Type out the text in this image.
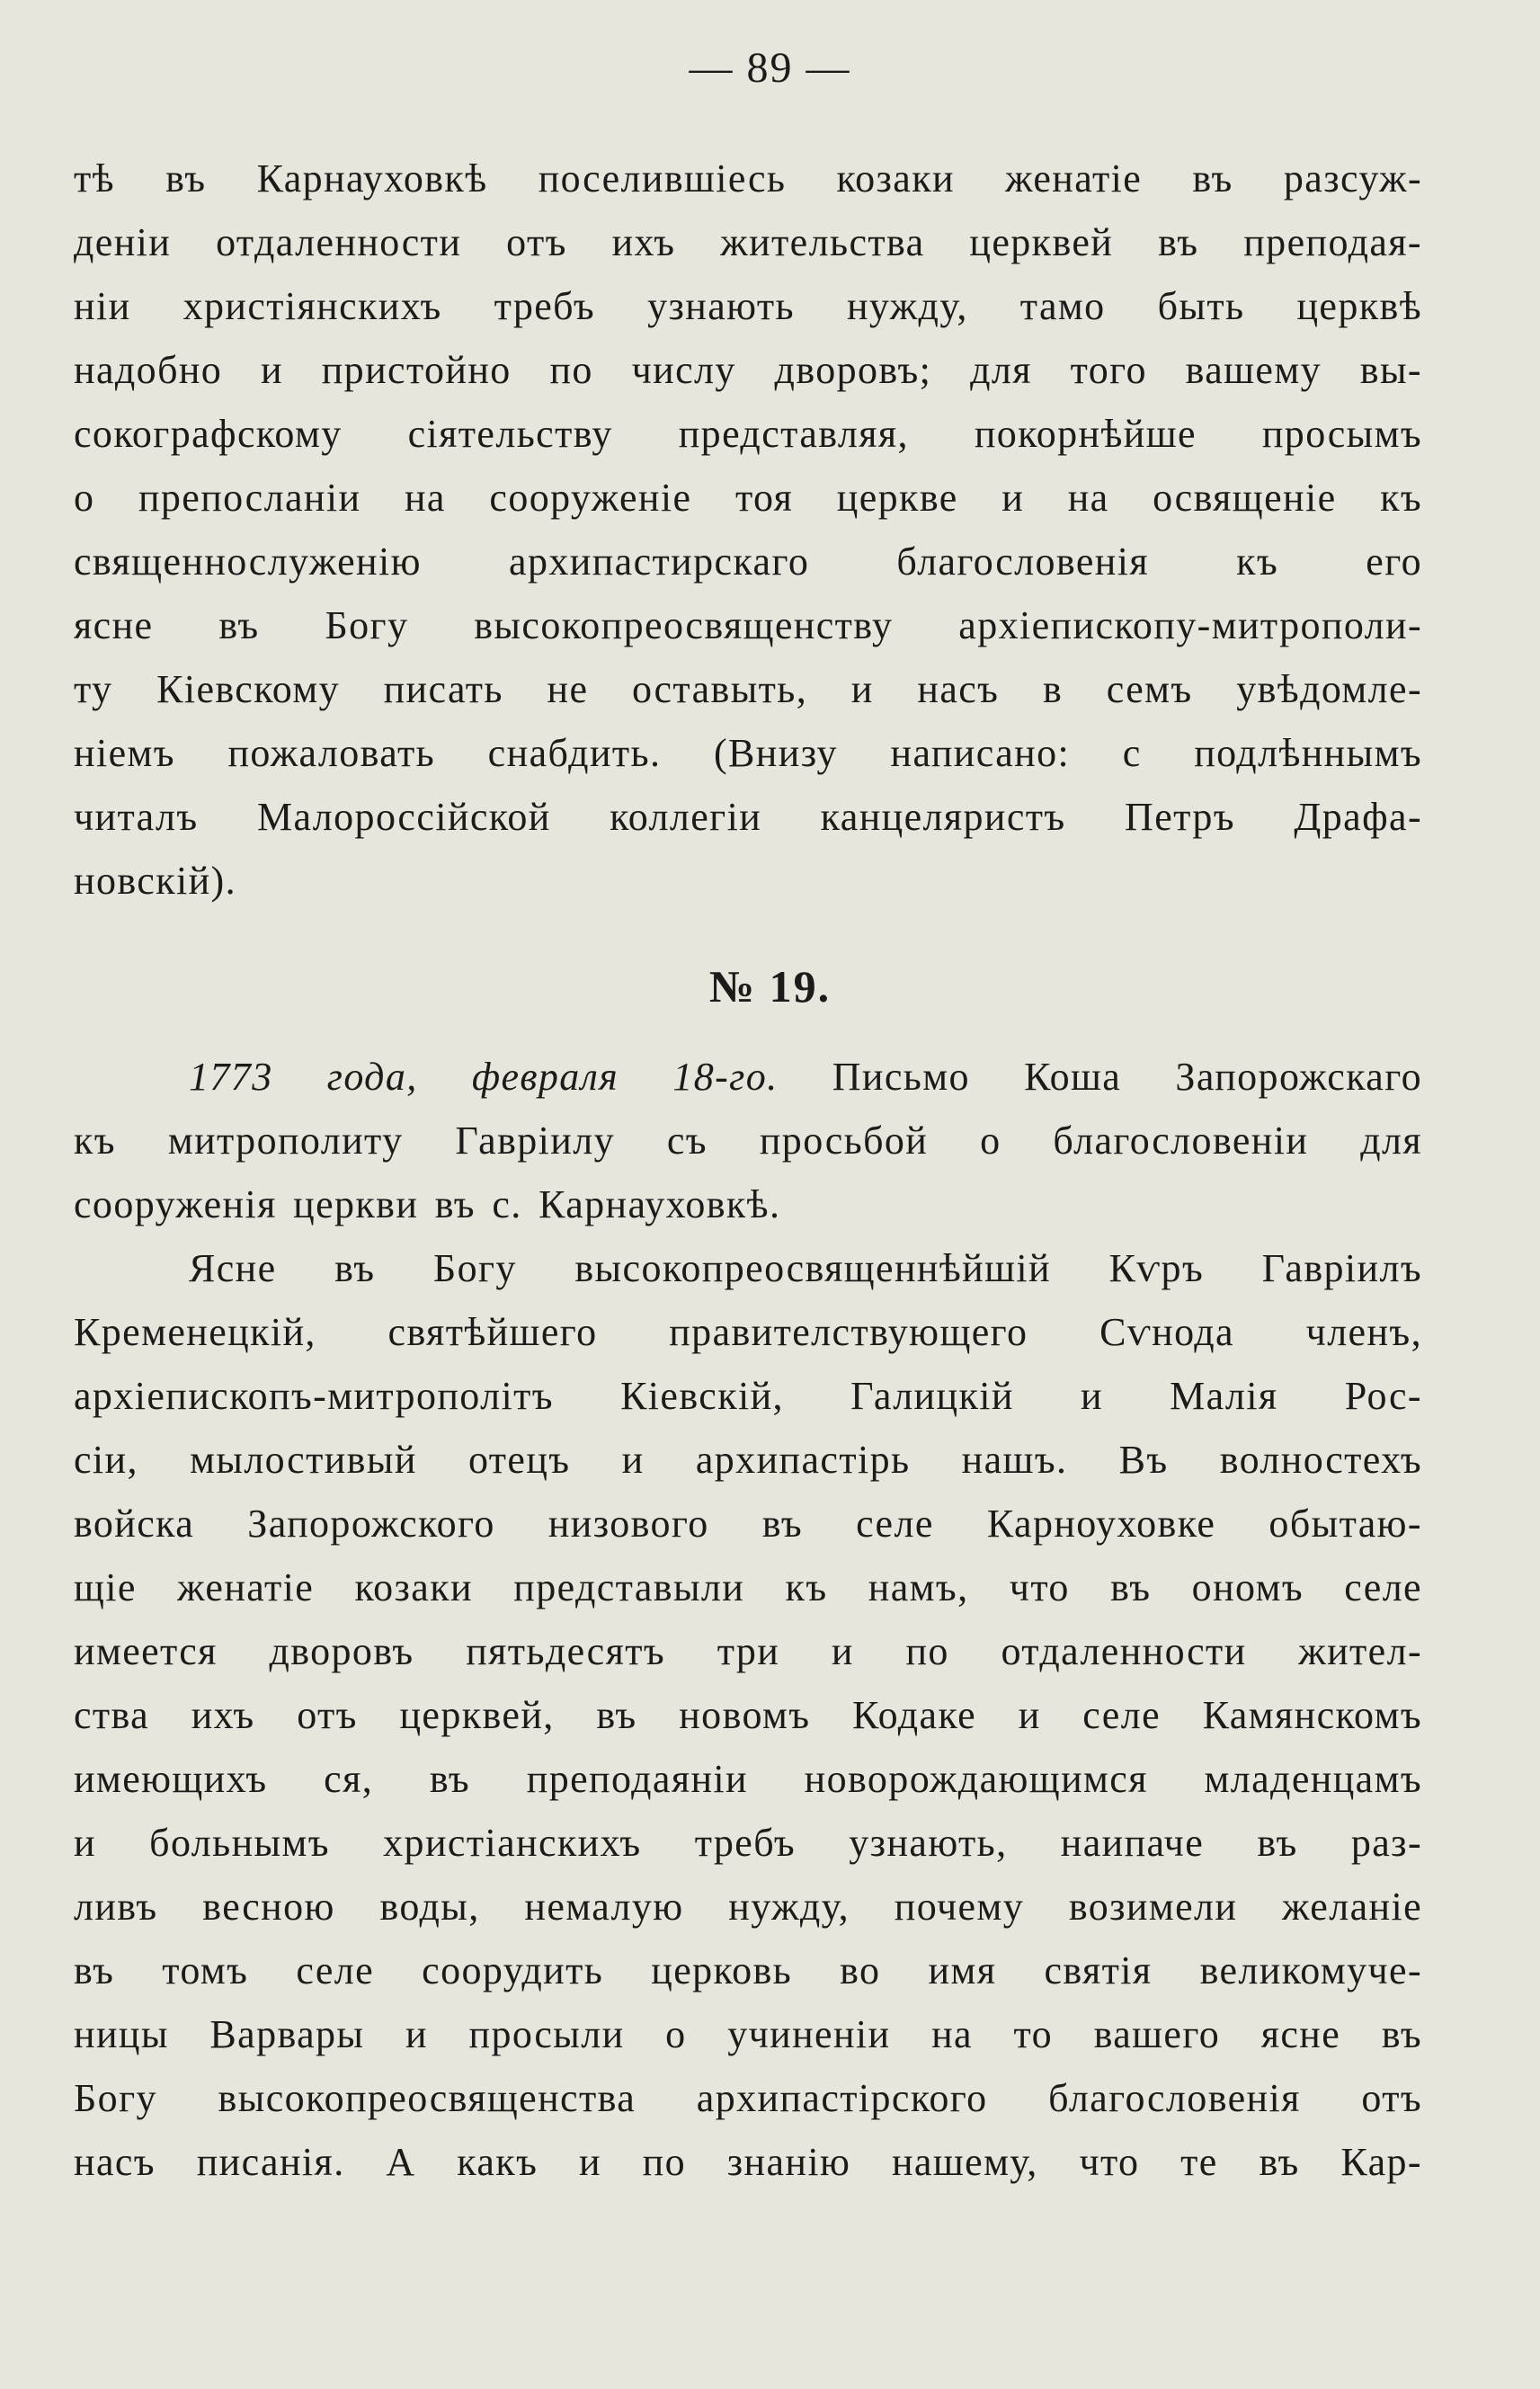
— 89 —
тѣ въ Карнауховкѣ поселившіесь козаки женатіе въ разсуж-
деніи отдаленности отъ ихъ жительства церквей въ преподая-
ніи христіянскихъ требъ узнають нужду, тамо быть церквѣ
надобно и пристойно по числу дворовъ; для того вашему вы-
сокографскому сіятельству представляя, покорнѣйше просымъ
о препосланіи на сооруженіе тоя церкве и на освященіе къ
священнослуженію архипастирскаго благословенія къ его
ясне въ Богу высокопреосвященству архіепископу-митрополи-
ту Кіевскому писать не оставыть, и насъ в семъ увѣдомле-
ніемъ пожаловать снабдить. (Внизу написано: с подлѣннымъ
читалъ Малороссійской коллегіи канцеляристъ Петръ Драфа-
новскій).
№ 19.
1773 года, февраля 18-го. Письмо Коша Запорожскаго
къ митрополиту Гавріилу съ просьбой о благословеніи для
сооруженія церкви въ с. Карнауховкѣ.
Ясне въ Богу высокопреосвященнѣйшій Кѵръ Гавріилъ
Кременецкій, святѣйшего правителствующего Сѵнода членъ,
архіепископъ-митрополітъ Кіевскій, Галицкій и Малія Рос-
сіи, мылостивый отецъ и архипастірь нашъ. Въ волностехъ
войска Запорожского низового въ селе Карноуховке обытаю-
щіе женатіе козаки представыли къ намъ, что въ ономъ селе
имеется дворовъ пятьдесятъ три и по отдаленности жител-
ства ихъ отъ церквей, въ новомъ Кодаке и селе Камянскомъ
имеющихъ ся, въ преподаяніи новорождающимся младенцамъ
и больнымъ христіанскихъ требъ узнають, наипаче въ раз-
ливъ весною воды, немалую нужду, почему возимели желаніе
въ томъ селе соорудить церковь во имя святія великомуче-
ницы Варвары и просыли о учиненіи на то вашего ясне въ
Богу высокопреосвященства архипастірского благословенія отъ
насъ писанія. А какъ и по знанію нашему, что те въ Кар-
